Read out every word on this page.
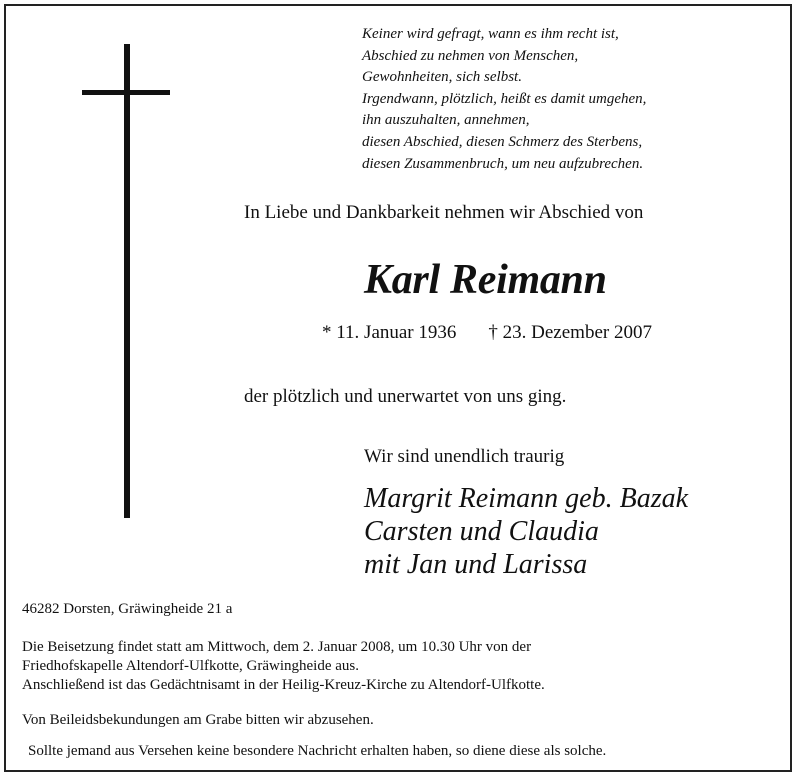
Keiner wird gefragt, wann es ihm recht ist,
Abschied zu nehmen von Menschen,
Gewohnheiten, sich selbst.
Irgendwann, plötzlich, heißt es damit umgehen,
ihn auszuhalten, annehmen,
diesen Abschied, diesen Schmerz des Sterbens,
diesen Zusammenbruch, um neu aufzubrechen.
In Liebe und Dankbarkeit nehmen wir Abschied von
Karl Reimann
* 11. Januar 1936 † 23. Dezember 2007
der plötzlich und unerwartet von uns ging.
Wir sind unendlich traurig
Margrit Reimann geb. Bazak
Carsten und Claudia
mit Jan und Larissa
46282 Dorsten, Gräwingheide 21 a
Die Beisetzung findet statt am Mittwoch, dem 2. Januar 2008, um 10.30 Uhr von der
Friedhofskapelle Altendorf-Ulfkotte, Gräwingheide aus.
Anschließend ist das Gedächtnisamt in der Heilig-Kreuz-Kirche zu Altendorf-Ulfkotte.
Von Beileidsbekundungen am Grabe bitten wir abzusehen.
Sollte jemand aus Versehen keine besondere Nachricht erhalten haben, so diene diese als solche.
